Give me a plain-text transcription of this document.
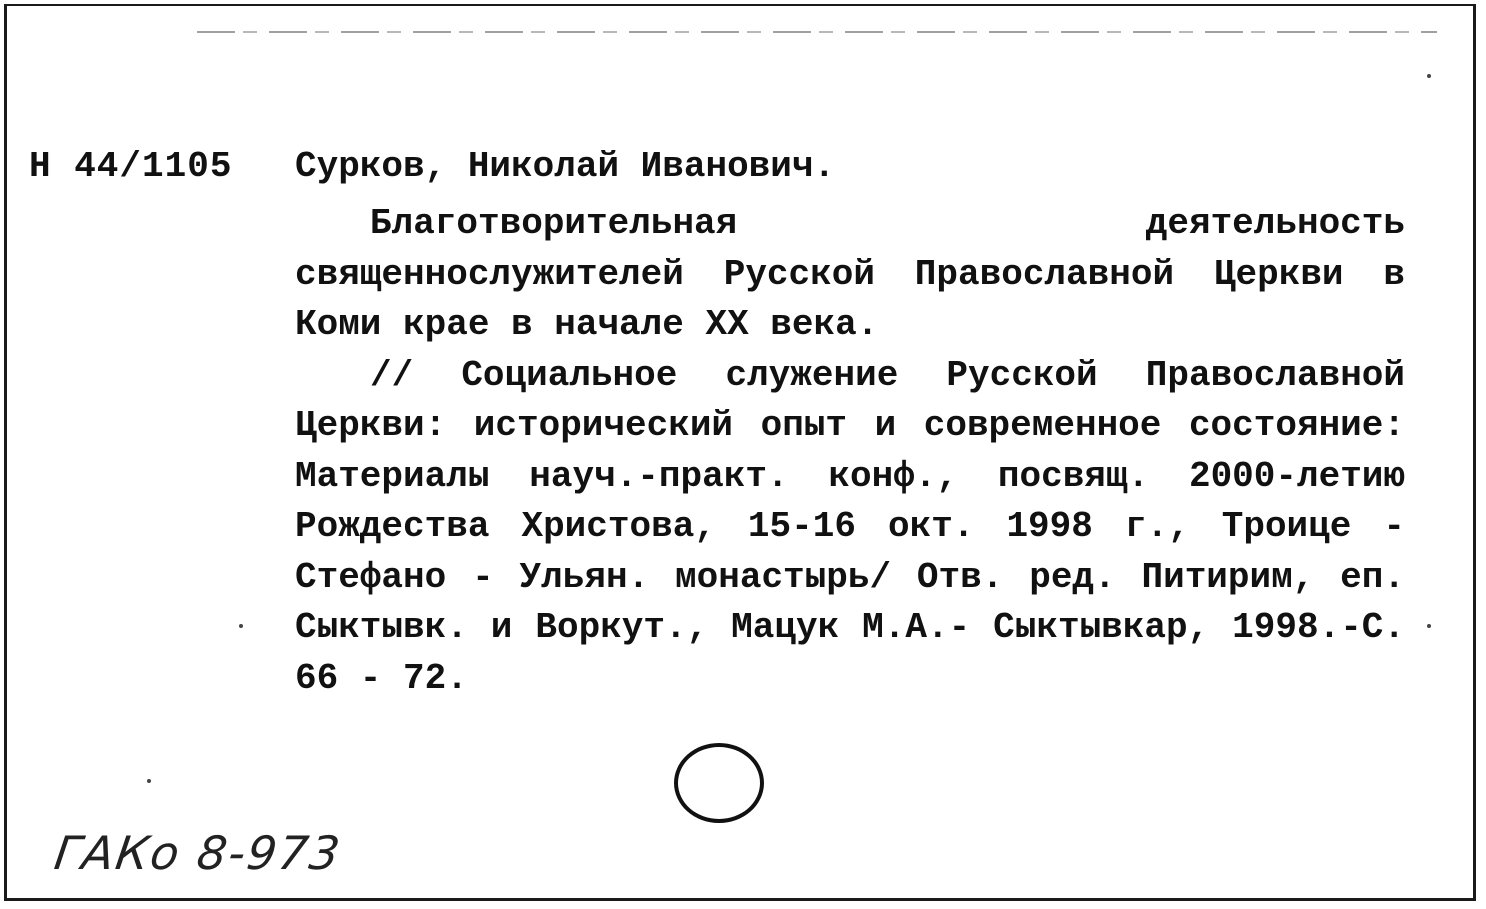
Н 44/1105 Сурков, Николай Иванович.
Благотворительная деятельность священнослужителей Русской Православной Церкви в Коми крае в начале XX века.
// Социальное служение Русской Православной Церкви: исторический опыт и современное состояние: Материалы науч.-практ. конф., посвящ. 2000-летию Рождества Христова, 15-16 окт. 1998 г., Троице - Стефано - Ульян. монастырь/ Отв. ред. Питирим, еп. Сыктывк. и Воркут., Мацук М.А.- Сыктывкар, 1998.-С. 66 - 72.
ГАКо 8-973
